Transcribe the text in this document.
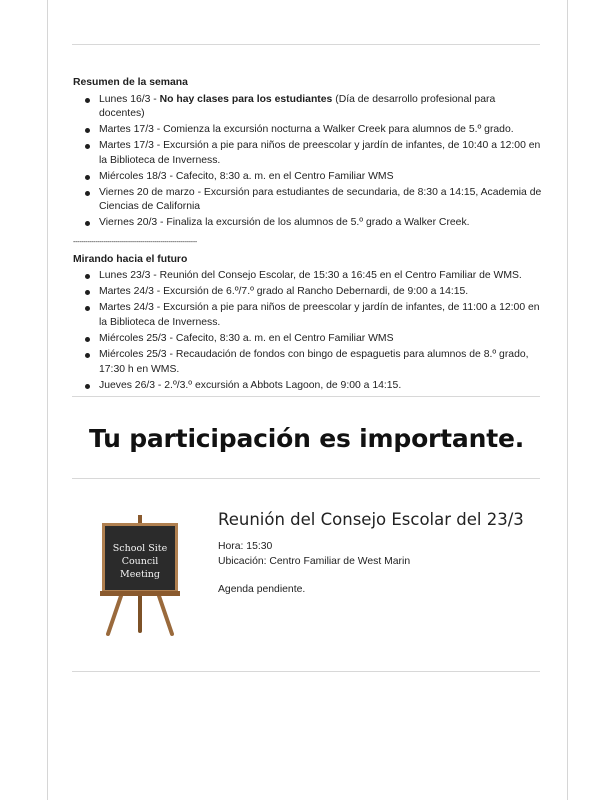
Resumen de la semana
Lunes 16/3 - No hay clases para los estudiantes (Día de desarrollo profesional para docentes)
Martes 17/3 - Comienza la excursión nocturna a Walker Creek para alumnos de 5.º grado.
Martes 17/3 - Excursión a pie para niños de preescolar y jardín de infantes, de 10:40 a 12:00 en la Biblioteca de Inverness.
Miércoles 18/3 - Cafecito, 8:30 a. m. en el Centro Familiar WMS
Viernes 20 de marzo - Excursión para estudiantes de secundaria, de 8:30 a 14:15, Academia de Ciencias de California
Viernes 20/3 - Finaliza la excursión de los alumnos de 5.º grado a Walker Creek.
-------------------------------------------------------------
Mirando hacia el futuro
Lunes 23/3 - Reunión del Consejo Escolar, de 15:30 a 16:45 en el Centro Familiar de WMS.
Martes 24/3 - Excursión de 6.º/7.º grado al Rancho Debernardi, de 9:00 a 14:15.
Martes 24/3 - Excursión a pie para niños de preescolar y jardín de infantes, de 11:00 a 12:00 en la Biblioteca de Inverness.
Miércoles 25/3 - Cafecito, 8:30 a. m. en el Centro Familiar WMS
Miércoles 25/3 - Recaudación de fondos con bingo de espaguetis para alumnos de 8.º grado, 17:30 h en WMS.
Jueves 26/3 - 2.º/3.º excursión a Abbots Lagoon, de 9:00 a 14:15.
Tu participación es importante.
School Site
Council
Meeting
Reunión del Consejo Escolar del 23/3

Hora: 15:30

Ubicación: Centro Familiar de West Marin

Agenda pendiente.
